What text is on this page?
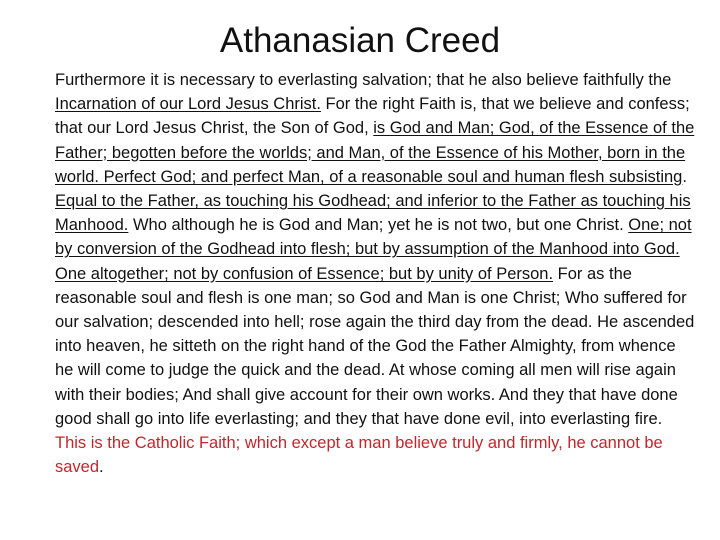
Athanasian Creed

Furthermore it is necessary to everlasting salvation; that he also believe faithfully the Incarnation of our Lord Jesus Christ. For the right Faith is, that we believe and confess; that our Lord Jesus Christ, the Son of God, is God and Man; God, of the Essence of the Father; begotten before the worlds; and Man, of the Essence of his Mother, born in the world. Perfect God; and perfect Man, of a reasonable soul and human flesh subsisting. Equal to the Father, as touching his Godhead; and inferior to the Father as touching his Manhood. Who although he is God and Man; yet he is not two, but one Christ. One; not by conversion of the Godhead into flesh; but by assumption of the Manhood into God. One altogether; not by confusion of Essence; but by unity of Person. For as the reasonable soul and flesh is one man; so God and Man is one Christ; Who suffered for our salvation; descended into hell; rose again the third day from the dead. He ascended into heaven, he sitteth on the right hand of the God the Father Almighty, from whence he will come to judge the quick and the dead. At whose coming all men will rise again with their bodies; And shall give account for their own works. And they that have done good shall go into life everlasting; and they that have done evil, into everlasting fire. This is the Catholic Faith; which except a man believe truly and firmly, he cannot be saved.
